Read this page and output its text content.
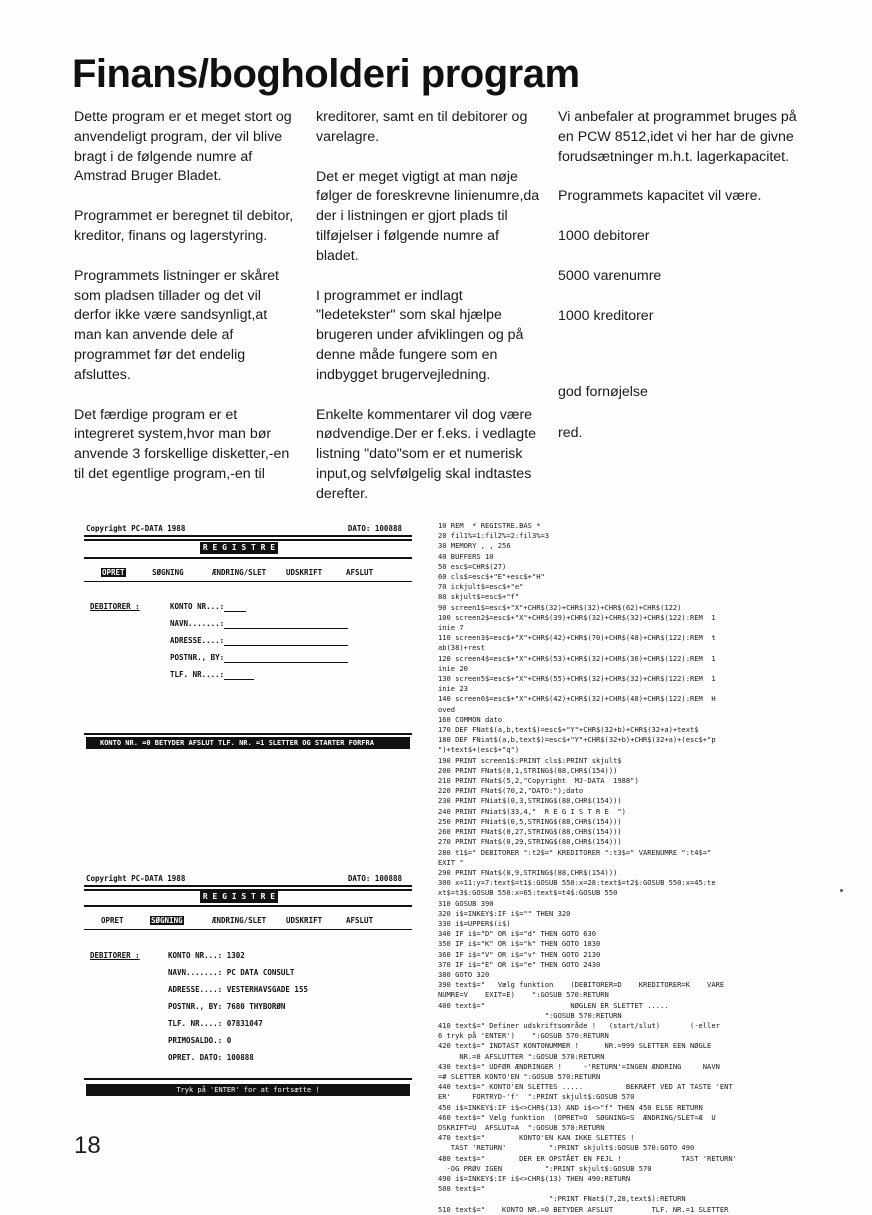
Finans/bogholderi program

Dette program er et meget stort og anvendeligt program, der vil blive bragt i de følgende numre af Amstrad Bruger Bladet.

Programmet er beregnet til debitor, kreditor, finans og lagerstyring.

Programmets listninger er skåret som pladsen tillader og det vil derfor ikke være sandsynligt,at man kan anvende dele af programmet før det endelig afsluttes.

Det færdige program er et integreret system,hvor man bør anvende 3 forskellige disketter,-en til det egentlige program,-en til

kreditorer, samt en til debitorer og varelagre.

Det er meget vigtigt at man nøje følger de foreskrevne linienumre,da der i listningen er gjort plads til tilføjelser i følgende numre af bladet.

I programmet er indlagt "ledetekster" som skal hjælpe brugeren under afviklingen og på denne måde fungere som en indbygget brugervejledning.

Enkelte kommentarer vil dog være nødvendige.Der er f.eks. i vedlagte listning "dato"som er et numerisk input,og selvfølgelig skal indtastes derefter.

Vi anbefaler at programmet bruges på en PCW 8512,idet vi her har de givne forudsætninger m.h.t. lagerkapacitet.

Programmets kapacitet vil være.

1000 debitorer

5000 varenumre

1000 kreditorer

god fornøjelse

red.

Copyright PC-DATA 1988	DATO: 100888
R E G I S T R E
OPRET	SØGNING	ÆNDRING/SLET	UDSKRIFT	AFSLUT
DEBITORER :	KONTO NR...:
NAVN.......:
ADRESSE....:
POSTNR., BY:
TLF. NR....:
KONTO NR. =0 BETYDER AFSLUT TLF. NR. =1 SLETTER OG STARTER FORFRA
Copyright PC-DATA 1988	DATO: 100888
R E G I S T R E
OPRET	SØGNING	ÆNDRING/SLET	UDSKRIFT	AFSLUT
DEBITORER :	KONTO NR...: 1302
NAVN.......: PC DATA CONSULT
ADRESSE....: VESTERHAVSGADE 155
POSTNR., BY: 7680 THYBORØN
TLF. NR....: 07831047
PRIMOSALDO.: 0
OPRET. DATO: 100888
Tryk på 'ENTER' for at fortsætte !
10 REM  * REGISTRE.BAS *
20 fil1%=1:fil2%=2:fil3%=3
30 MEMORY , , 256
40 BUFFERS 10
50 esc$=CHR$(27)
60 cls$=esc$+"E"+esc$+"H"
70 ickjult$=esc$+"e"
80 skjult$=esc$+"f"
90 screen1$=esc$+"X"+CHR$(32)+CHR$(32)+CHR$(62)+CHR$(122)
100 screen2$=esc$+"X"+CHR$(39)+CHR$(32)+CHR$(32)+CHR$(122):REM  1
inie 7
110 screen3$=esc$+"X"+CHR$(42)+CHR$(70)+CHR$(48)+CHR$(122):REM  t
ab(38)+rest
120 screen4$=esc$+"X"+CHR$(53)+CHR$(32)+CHR$(36)+CHR$(122):REM  1
inie 20
130 screen5$=esc$+"X"+CHR$(55)+CHR$(32)+CHR$(32)+CHR$(122):REM  1
inie 23
140 screen6$=esc$+"X"+CHR$(42)+CHR$(32)+CHR$(48)+CHR$(122):REM  H
oved
160 COMMON dato
170 DEF FNat$(a,b,text$)=esc$+"Y"+CHR$(32+b)+CHR$(32+a)+text$
180 DEF FNiat$(a,b,text$)=esc$+"Y"+CHR$(32+b)+CHR$(32+a)+(esc$+"p
")+text$+(esc$+"q")
190 PRINT screen1$:PRINT cls$:PRINT skjult$
200 PRINT FNat$(0,1,STRING$(88,CHR$(154)))
210 PRINT FNat$(5,2,"Copyright  MJ-DATA  1988")
220 PRINT FNat$(70,2,"DATO:");dato
230 PRINT FNiat$(0,3,STRING$(88,CHR$(154)))
240 PRINT FNiat$(33,4,"  R E G I S T R E  ")
250 PRINT FNiat$(0,5,STRING$(88,CHR$(154)))
260 PRINT FNat$(0,27,STRING$(88,CHR$(154)))
270 PRINT FNat$(0,29,STRING$(88,CHR$(154)))
280 t1$=" DEBITORER ":t2$=" KREDITORER ":t3$=" VARENUMRE ":t4$="
EXIT "
290 PRINT FNat$(0,9,STRING$(88,CHR$(154)))
300 x=11:y=7:text$=t1$:GOSUB 550:x=28:text$=t2$:GOSUB 550:x=45:te
xt$=t3$:GOSUB 550:x=65:text$=t4$:GOSUB 550
310 GOSUB 390
320 i$=INKEY$:IF i$="" THEN 320
330 i$=UPPER$(i$)
340 IF i$="D" OR i$="d" THEN GOTO 630
350 IF i$="K" OR i$="k" THEN GOTO 1830
360 IF i$="V" OR i$="v" THEN GOTO 2130
370 IF i$="E" OR i$="e" THEN GOTO 2430
380 GOTO 320
390 text$="   Vælg funktion    (DEBITORER=D    KREDITORER=K    VARE
NUMRE=V    EXIT=E)    ":GOSUB 570:RETURN
400 text$="                    NØGLEN ER SLETTET .....
":GOSUB 570:RETURN
410 text$=" Definer udskriftsområde !   (start/slut)       (-eller
6 tryk på 'ENTER')    ":GOSUB 570:RETURN
420 text$=" INDTAST KONTONUMMER !      NR.=999 SLETTER EEN NØGLE
NR.=0 AFSLUTTER ":GOSUB 570:RETURN
430 text$=" UDFØR ÆNDRINGER !     -'RETURN'=INGEN ÆNDRING     NAVN
=# SLETTER KONTO'EN ":GOSUB 570:RETURN
440 text$=" KONTO'EN SLETTES .....          BEKRÆFT VED AT TASTE 'ENT
ER'     FORTRYD-'f'  ":PRINT skjult$:GOSUB 570
450 i$=INKEY$:IF i$<>CHR$(13) AND i$<>"f" THEN 450 ELSE RETURN
460 text$=" Vælg funktion  (OPRET=O  SØGNING=S  ÆNDRING/SLET=Æ  U
DSKRIFT=U  AFSLUT=A  ":GOSUB 570:RETURN
470 text$="        KONTO'EN KAN IKKE SLETTES !
TAST 'RETURN'          ":PRINT skjult$:GOSUB 570:GOTO 490
480 text$="        DER ER OPSTÅET EN FEJL !              TAST 'RETURN'
-OG PRØV IGEN          ":PRINT skjult$:GOSUB 570
490 i$=INKEY$:IF i$<>CHR$(13) THEN 490:RETURN
500 text$="
":PRINT FNat$(7,28,text$):RETURN
510 text$="    KONTO NR.=0 BETYDER AFSLUT         TLF. NR.=1 SLETTER
18
